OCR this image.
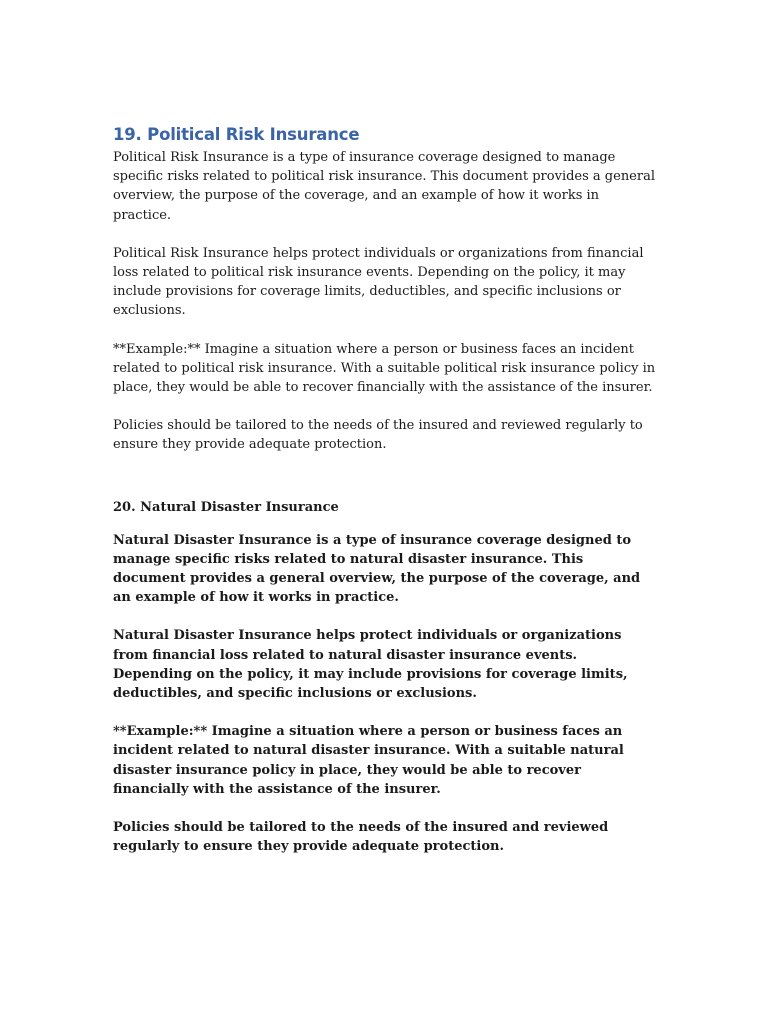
19. Political Risk Insurance

Political Risk Insurance is a type of insurance coverage designed to manage specific risks related to political risk insurance. This document provides a general overview, the purpose of the coverage, and an example of how it works in practice.

Political Risk Insurance helps protect individuals or organizations from financial loss related to political risk insurance events. Depending on the policy, it may include provisions for coverage limits, deductibles, and specific inclusions or exclusions.

**Example:** Imagine a situation where a person or business faces an incident related to political risk insurance. With a suitable political risk insurance policy in place, they would be able to recover financially with the assistance of the insurer.

Policies should be tailored to the needs of the insured and reviewed regularly to ensure they provide adequate protection.

20. Natural Disaster Insurance

Natural Disaster Insurance is a type of insurance coverage designed to manage specific risks related to natural disaster insurance. This document provides a general overview, the purpose of the coverage, and an example of how it works in practice.

Natural Disaster Insurance helps protect individuals or organizations from financial loss related to natural disaster insurance events. Depending on the policy, it may include provisions for coverage limits, deductibles, and specific inclusions or exclusions.

**Example:** Imagine a situation where a person or business faces an incident related to natural disaster insurance. With a suitable natural disaster insurance policy in place, they would be able to recover financially with the assistance of the insurer.

Policies should be tailored to the needs of the insured and reviewed regularly to ensure they provide adequate protection.
